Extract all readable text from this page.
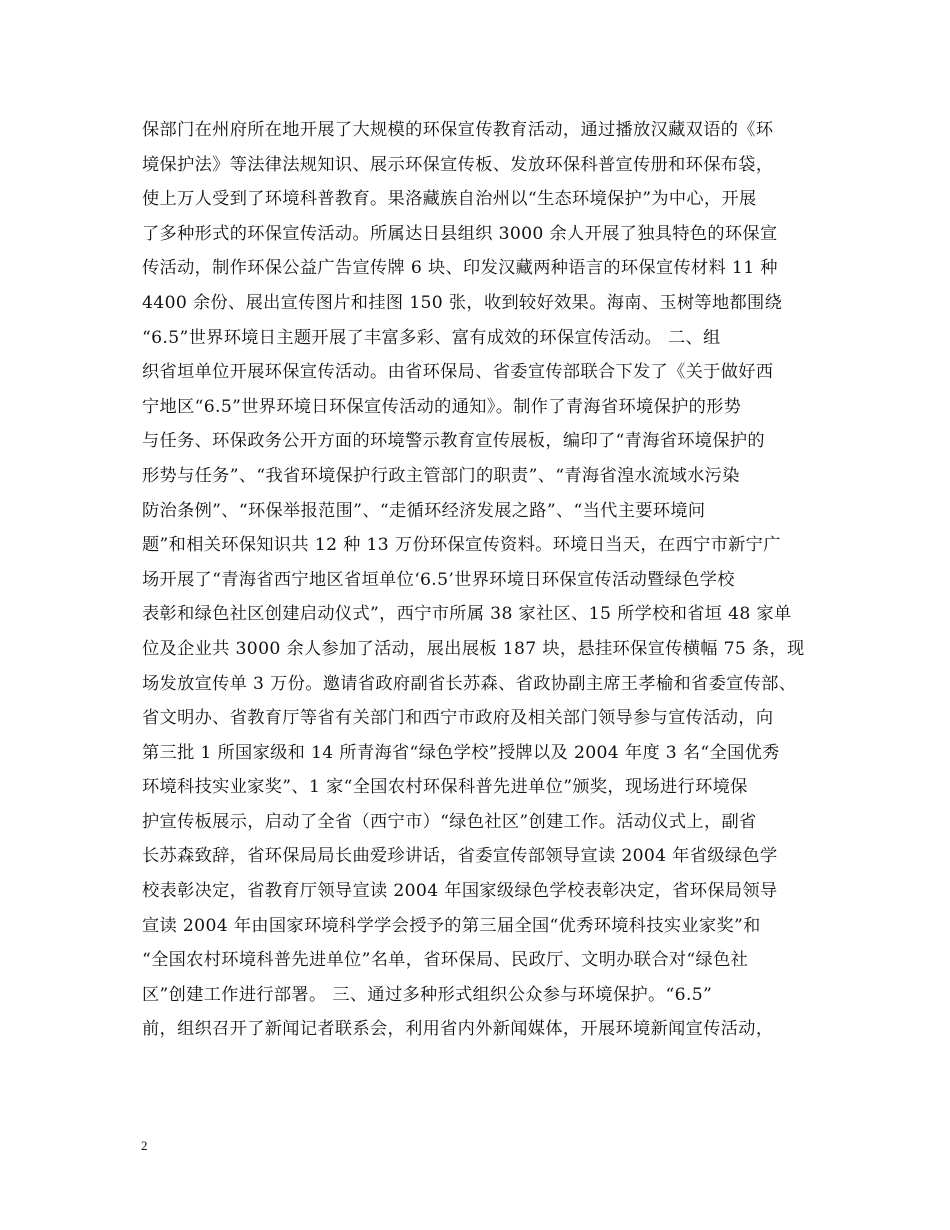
保部门在州府所在地开展了大规模的环保宣传教育活动，通过播放汉藏双语的《环
境保护法》等法律法规知识、展示环保宣传板、发放环保科普宣传册和环保布袋，
使上万人受到了环境科普教育。果洛藏族自治州以“生态环境保护”为中心，开展
了多种形式的环保宣传活动。所属达日县组织 3000 余人开展了独具特色的环保宣
传活动，制作环保公益广告宣传牌 6 块、印发汉藏两种语言的环保宣传材料 11 种
4400 余份、展出宣传图片和挂图 150 张，收到较好效果。海南、玉树等地都围绕
“6.5”世界环境日主题开展了丰富多彩、富有成效的环保宣传活动。 二、组
织省垣单位开展环保宣传活动。由省环保局、省委宣传部联合下发了《关于做好西
宁地区“6.5”世界环境日环保宣传活动的通知》。制作了青海省环境保护的形势
与任务、环保政务公开方面的环境警示教育宣传展板，编印了“青海省环境保护的
形势与任务”、“我省环境保护行政主管部门的职责”、“青海省湟水流域水污染
防治条例”、“环保举报范围”、“走循环经济发展之路”、“当代主要环境问
题”和相关环保知识共 12 种 13 万份环保宣传资料。环境日当天，在西宁市新宁广
场开展了“青海省西宁地区省垣单位‘6.5’世界环境日环保宣传活动暨绿色学校
表彰和绿色社区创建启动仪式”，西宁市所属 38 家社区、15 所学校和省垣 48 家单
位及企业共 3000 余人参加了活动，展出展板 187 块，悬挂环保宣传横幅 75 条，现
场发放宣传单 3 万份。邀请省政府副省长苏森、省政协副主席王孝榆和省委宣传部、
省文明办、省教育厅等省有关部门和西宁市政府及相关部门领导参与宣传活动，向
第三批 1 所国家级和 14 所青海省“绿色学校”授牌以及 2004 年度 3 名“全国优秀
环境科技实业家奖”、1 家“全国农村环保科普先进单位”颁奖，现场进行环境保
护宣传板展示，启动了全省（西宁市）“绿色社区”创建工作。活动仪式上，副省
长苏森致辞，省环保局局长曲爱珍讲话，省委宣传部领导宣读 2004 年省级绿色学
校表彰决定，省教育厅领导宣读 2004 年国家级绿色学校表彰决定，省环保局领导
宣读 2004 年由国家环境科学学会授予的第三届全国“优秀环境科技实业家奖”和
“全国农村环境科普先进单位”名单，省环保局、民政厅、文明办联合对“绿色社
区”创建工作进行部署。 三、通过多种形式组织公众参与环境保护。“6.5”
前，组织召开了新闻记者联系会，利用省内外新闻媒体，开展环境新闻宣传活动，
2
